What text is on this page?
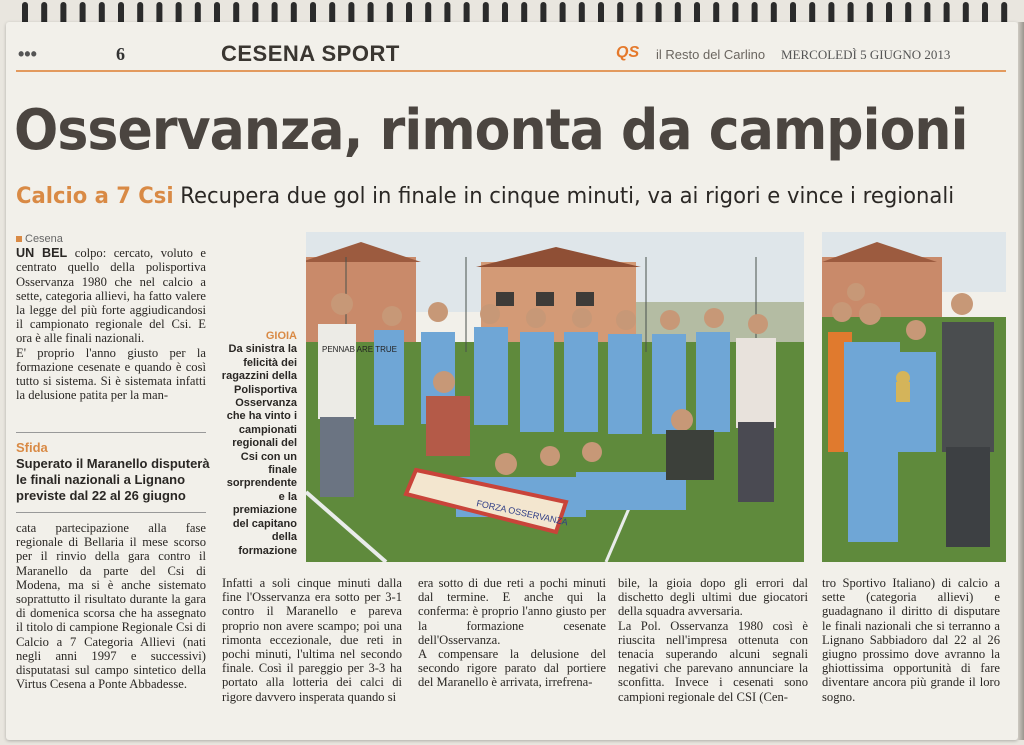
•••	6	CESENA SPORT	QS il Resto del Carlino MERCOLEDÌ 5 GIUGNO 2013
Osservanza, rimonta da campioni

Calcio a 7 Csi Recupera due gol in finale in cinque minuti, va ai rigori e vince i regionali

Cesena
UN BEL colpo: cercato, voluto e centrato quello della polisportiva Osservanza 1980 che nel calcio a sette, categoria allievi, ha fatto valere la legge del più forte aggiudicandosi il campionato regionale del Csi. E ora è alle finali nazionali.
E' proprio l'anno giusto per la formazione cesenate e quando è così tutto si sistema. Si è sistemata infatti la delusione patita per la man-
Sfida
Superato il Maranello disputerà le finali nazionali a Lignano previste dal 22 al 26 giugno
cata partecipazione alla fase regionale di Bellaria il mese scorso per il rinvio della gara contro il Maranello da parte del Csi di Modena, ma si è anche sistemato soprattutto il risultato durante la gara di domenica scorsa che ha assegnato il titolo di campione Regionale Csi di Calcio a 7 Categoria Allievi (nati negli anni 1997 e successivi) disputatasi sul campo sintetico della Virtus Cesena a Ponte Abbadesse.
GIOIA
Da sinistra la felicità dei ragazzini della Polisportiva Osservanza che ha vinto i campionati regionali del Csi con un finale sorprendente e la premiazione del capitano della formazione
FORZA OSSERVANZA
PENNAB ARE TRUE
Infatti a soli cinque minuti dalla fine l'Osservanza era sotto per 3-1 contro il Maranello e pareva proprio non avere scampo; poi una rimonta eccezionale, due reti in pochi minuti, l'ultima nel secondo finale. Così il pareggio per 3-3 ha portato alla lotteria dei calci di rigore davvero insperata quando si
era sotto di due reti a pochi minuti dal termine. E anche qui la conferma: è proprio l'anno giusto per la formazione cesenate dell'Osservanza.
A compensare la delusione del secondo rigore parato dal portiere del Maranello è arrivata, irrefrena-
bile, la gioia dopo gli errori dal dischetto degli ultimi due giocatori della squadra avversaria.
La Pol. Osservanza 1980 così è riuscita nell'impresa ottenuta con tenacia superando alcuni segnali negativi che parevano annunciare la sconfitta. Invece i cesenati sono campioni regionale del CSI (Cen-
tro Sportivo Italiano) di calcio a sette (categoria allievi) e guadagnano il diritto di disputare le finali nazionali che si terranno a Lignano Sabbiadoro dal 22 al 26 giugno prossimo dove avranno la ghiottissima opportunità di fare diventare ancora più grande il loro sogno.
